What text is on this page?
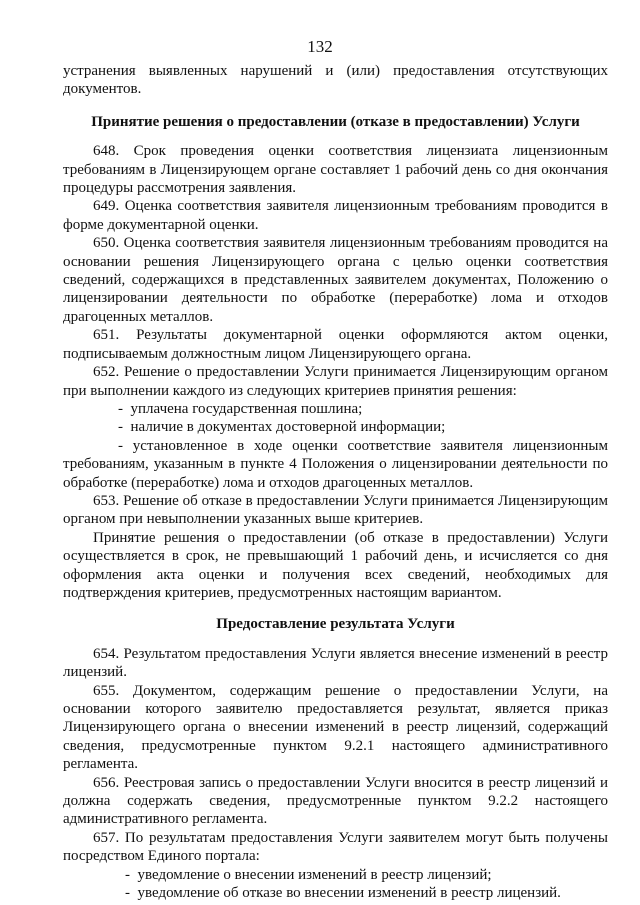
132

устранения выявленных нарушений и (или) предоставления отсутствующих документов.

Принятие решения о предоставлении (отказе в предоставлении) Услуги

648. Срок проведения оценки соответствия лицензиата лицензионным требованиям в Лицензирующем органе составляет 1 рабочий день со дня окончания процедуры рассмотрения заявления.

649. Оценка соответствия заявителя лицензионным требованиям проводится в форме документарной оценки.

650. Оценка соответствия заявителя лицензионным требованиям проводится на основании решения Лицензирующего органа с целью оценки соответствия сведений, содержащихся в представленных заявителем документах, Положению о лицензировании деятельности по обработке (переработке) лома и отходов драгоценных металлов.

651. Результаты документарной оценки оформляются актом оценки, подписываемым должностным лицом Лицензирующего органа.

652. Решение о предоставлении Услуги принимается Лицензирующим органом при выполнении каждого из следующих критериев принятия решения:

-  уплачена государственная пошлина;
-  наличие в документах достоверной информации;

- установленное в ходе оценки соответствие заявителя лицензионным требованиям, указанным в пункте 4 Положения о лицензировании деятельности по обработке (переработке) лома и отходов драгоценных металлов.

653. Решение об отказе в предоставлении Услуги принимается Лицензирующим органом при невыполнении указанных выше критериев.

Принятие решения о предоставлении (об отказе в предоставлении) Услуги осуществляется в срок, не превышающий 1 рабочий день, и исчисляется со дня оформления акта оценки и получения всех сведений, необходимых для подтверждения критериев, предусмотренных настоящим вариантом.

Предоставление результата Услуги

654. Результатом предоставления Услуги является внесение изменений в реестр лицензий.

655. Документом, содержащим решение о предоставлении Услуги, на основании которого заявителю предоставляется результат, является приказ Лицензирующего органа о внесении изменений в реестр лицензий, содержащий сведения, предусмотренные пунктом 9.2.1 настоящего административного регламента.

656. Реестровая запись о предоставлении Услуги вносится в реестр лицензий и должна содержать сведения, предусмотренные пунктом 9.2.2 настоящего административного регламента.

657. По результатам предоставления Услуги заявителем могут быть получены посредством Единого портала:

-  уведомление о внесении изменений в реестр лицензий;
-  уведомление об отказе во внесении изменений в реестр лицензий.
